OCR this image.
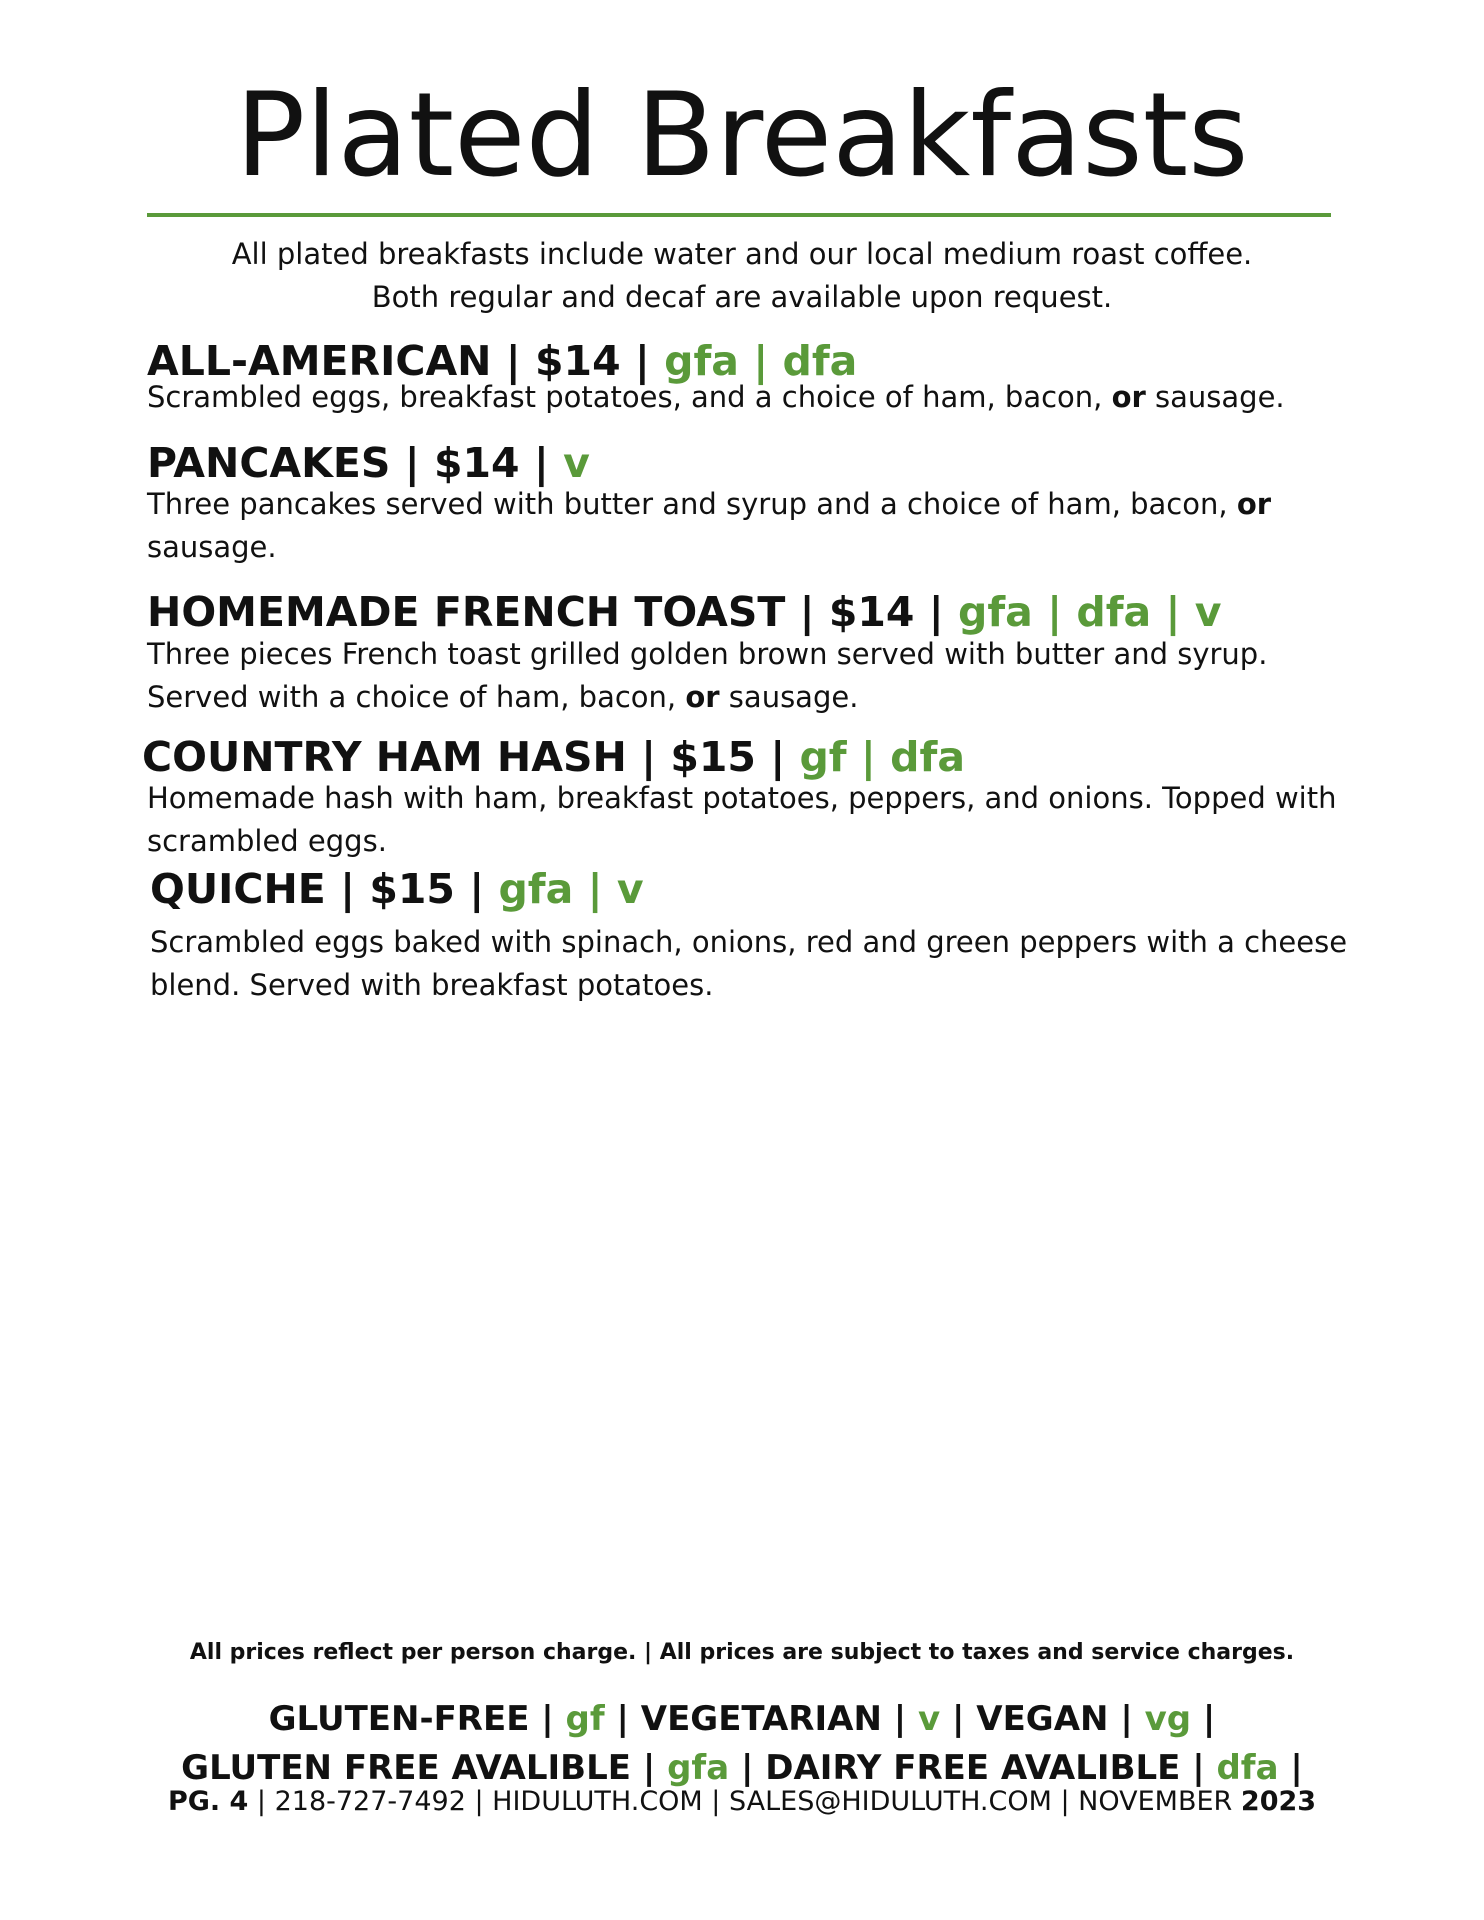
Plated Breakfasts
All plated breakfasts include water and our local medium roast coffee.
Both regular and decaf are available upon request.
ALL-AMERICAN | $14 | gfa | dfa
Scrambled eggs, breakfast potatoes, and a choice of ham, bacon, or sausage.
PANCAKES | $14 | v
Three pancakes served with butter and syrup and a choice of ham, bacon, or sausage.
HOMEMADE FRENCH TOAST | $14 | gfa | dfa | v
Three pieces French toast grilled golden brown served with butter and syrup. Served with a choice of ham, bacon, or sausage.
COUNTRY HAM HASH | $15 | gf | dfa
Homemade hash with ham, breakfast potatoes, peppers, and onions. Topped with scrambled eggs.
QUICHE | $15 | gfa | v
Scrambled eggs baked with spinach, onions, red and green peppers with a cheese blend. Served with breakfast potatoes.
All prices reflect per person charge. | All prices are subject to taxes and service charges.
GLUTEN-FREE | gf | VEGETARIAN | v | VEGAN | vg |
GLUTEN FREE AVALIBLE | gfa | DAIRY FREE AVALIBLE | dfa |
PG. 4 | 218-727-7492 | HIDULUTH.COM | SALES@HIDULUTH.COM | NOVEMBER 2023
